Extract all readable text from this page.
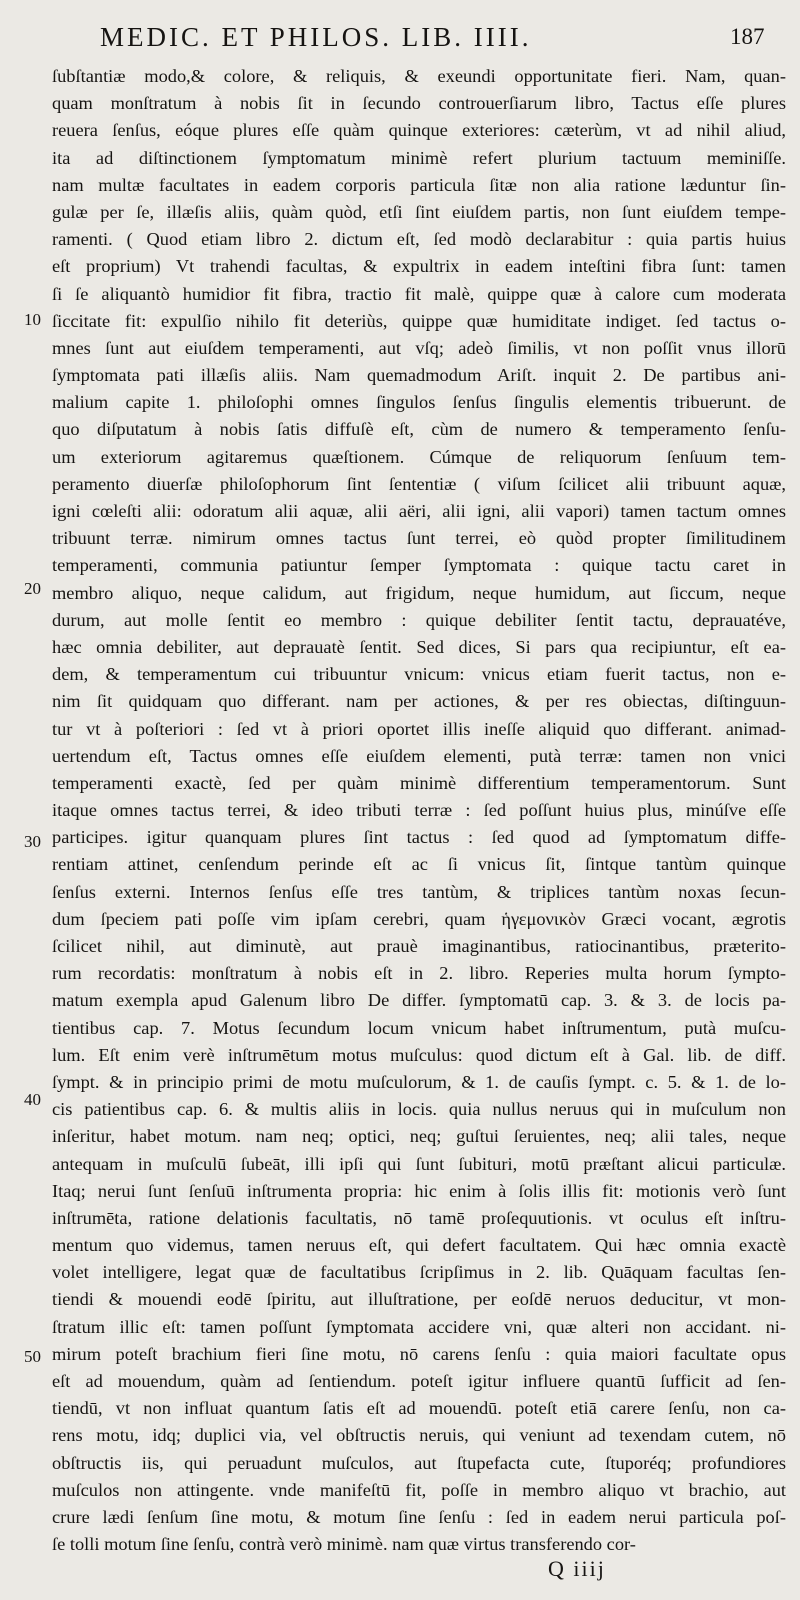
MEDIC. ET PHILOS. LIB. IIII.	187
10
20
30
40
50
ſubſtantiæ modo,& colore, & reliquis, & exeundi opportunitate fieri. Nam, quan-
quam monſtratum à nobis ſit in ſecundo controuerſiarum libro, Tactus eſſe plures
reuera ſenſus, eóque plures eſſe quàm quinque exteriores: cæterùm, vt ad nihil aliud,
ita ad diſtinctionem ſymptomatum minimè refert plurium tactuum meminiſſe.
nam multæ facultates in eadem corporis particula ſitæ non alia ratione læduntur ſin-
gulæ per ſe, illæſis aliis, quàm quòd, etſi ſint eiuſdem partis, non ſunt eiuſdem tempe-
ramenti. ( Quod etiam libro 2. dictum eſt, ſed modò declarabitur : quia partis huius
eſt proprium) Vt trahendi facultas, & expultrix in eadem inteſtini fibra ſunt: tamen
ſi ſe aliquantò humidior fit fibra, tractio fit malè, quippe quæ à calore cum moderata
ſiccitate fit: expulſio nihilo fit deteriùs, quippe quæ humiditate indiget. ſed tactus o-
mnes ſunt aut eiuſdem temperamenti, aut vſq; adeò ſimilis, vt non poſſit vnus illorū
ſymptomata pati illæſis aliis. Nam quemadmodum Ariſt. inquit 2. De partibus ani-
malium capite 1. philoſophi omnes ſingulos ſenſus ſingulis elementis tribuerunt. de
quo diſputatum à nobis ſatis diffuſè eſt, cùm de numero & temperamento ſenſu-
um exteriorum agitaremus quæſtionem. Cúmque de reliquorum ſenſuum tem-
peramento diuerſæ philoſophorum ſint ſententiæ ( viſum ſcilicet alii tribuunt aquæ,
igni cœleſti alii: odoratum alii aquæ, alii aëri, alii igni, alii vapori) tamen tactum omnes
tribuunt terræ. nimirum omnes tactus ſunt terrei, eò quòd propter ſimilitudinem
temperamenti, communia patiuntur ſemper ſymptomata : quique tactu caret in
membro aliquo, neque calidum, aut frigidum, neque humidum, aut ſiccum, neque
durum, aut molle ſentit eo membro : quique debiliter ſentit tactu, deprauatéve,
hæc omnia debiliter, aut deprauatè ſentit. Sed dices, Si pars qua recipiuntur, eſt ea-
dem, & temperamentum cui tribuuntur vnicum: vnicus etiam fuerit tactus, non e-
nim ſit quidquam quo differant. nam per actiones, & per res obiectas, diſtinguun-
tur vt à poſteriori : ſed vt à priori oportet illis ineſſe aliquid quo differant. animad-
uertendum eſt, Tactus omnes eſſe eiuſdem elementi, putà terræ: tamen non vnici
temperamenti exactè, ſed per quàm minimè differentium temperamentorum. Sunt
itaque omnes tactus terrei, & ideo tributi terræ : ſed poſſunt huius plus, minúſve eſſe
participes. igitur quanquam plures ſint tactus : ſed quod ad ſymptomatum diffe-
rentiam attinet, cenſendum perinde eſt ac ſi vnicus ſit, ſintque tantùm quinque
ſenſus externi. Internos ſenſus eſſe tres tantùm, & triplices tantùm noxas ſecun-
dum ſpeciem pati poſſe vim ipſam cerebri, quam ἡγεμονικὸν Græci vocant, ægrotis
ſcilicet nihil, aut diminutè, aut prauè imaginantibus, ratiocinantibus, præterito-
rum recordatis: monſtratum à nobis eſt in 2. libro. Reperies multa horum ſympto-
matum exempla apud Galenum libro De differ. ſymptomatū cap. 3. & 3. de locis pa-
tientibus cap. 7. Motus ſecundum locum vnicum habet inſtrumentum, putà muſcu-
lum. Eſt enim verè inſtrumētum motus muſculus: quod dictum eſt à Gal. lib. de diff.
ſympt. & in principio primi de motu muſculorum, & 1. de cauſis ſympt. c. 5. & 1. de lo-
cis patientibus cap. 6. & multis aliis in locis. quia nullus neruus qui in muſculum non
inſeritur, habet motum. nam neq; optici, neq; guſtui ſeruientes, neq; alii tales, neque
antequam in muſculū ſubeāt, illi ipſi qui ſunt ſubituri, motū præſtant alicui particulæ.
Itaq; nerui ſunt ſenſuū inſtrumenta propria: hic enim à ſolis illis fit: motionis verò ſunt
inſtrumēta, ratione delationis facultatis, nō tamē proſequutionis. vt oculus eſt inſtru-
mentum quo videmus, tamen neruus eſt, qui defert facultatem. Qui hæc omnia exactè
volet intelligere, legat quæ de facultatibus ſcripſimus in 2. lib. Quāquam facultas ſen-
tiendi & mouendi eodē ſpiritu, aut illuſtratione, per eoſdē neruos deducitur, vt mon-
ſtratum illic eſt: tamen poſſunt ſymptomata accidere vni, quæ alteri non accidant. ni-
mirum poteſt brachium fieri ſine motu, nō carens ſenſu : quia maiori facultate opus
eſt ad mouendum, quàm ad ſentiendum. poteſt igitur influere quantū ſufficit ad ſen-
tiendū, vt non influat quantum ſatis eſt ad mouendū. poteſt etiā carere ſenſu, non ca-
rens motu, idq; duplici via, vel obſtructis neruis, qui veniunt ad texendam cutem, nō
obſtructis iis, qui peruadunt muſculos, aut ſtupefacta cute, ſtuporéq; profundiores
muſculos non attingente. vnde manifeſtū fit, poſſe in membro aliquo vt brachio, aut
crure lædi ſenſum ſine motu, & motum ſine ſenſu : ſed in eadem nerui particula poſ-
ſe tolli motum ſine ſenſu, contrà verò minimè. nam quæ virtus transferendo cor-
Q iiij
